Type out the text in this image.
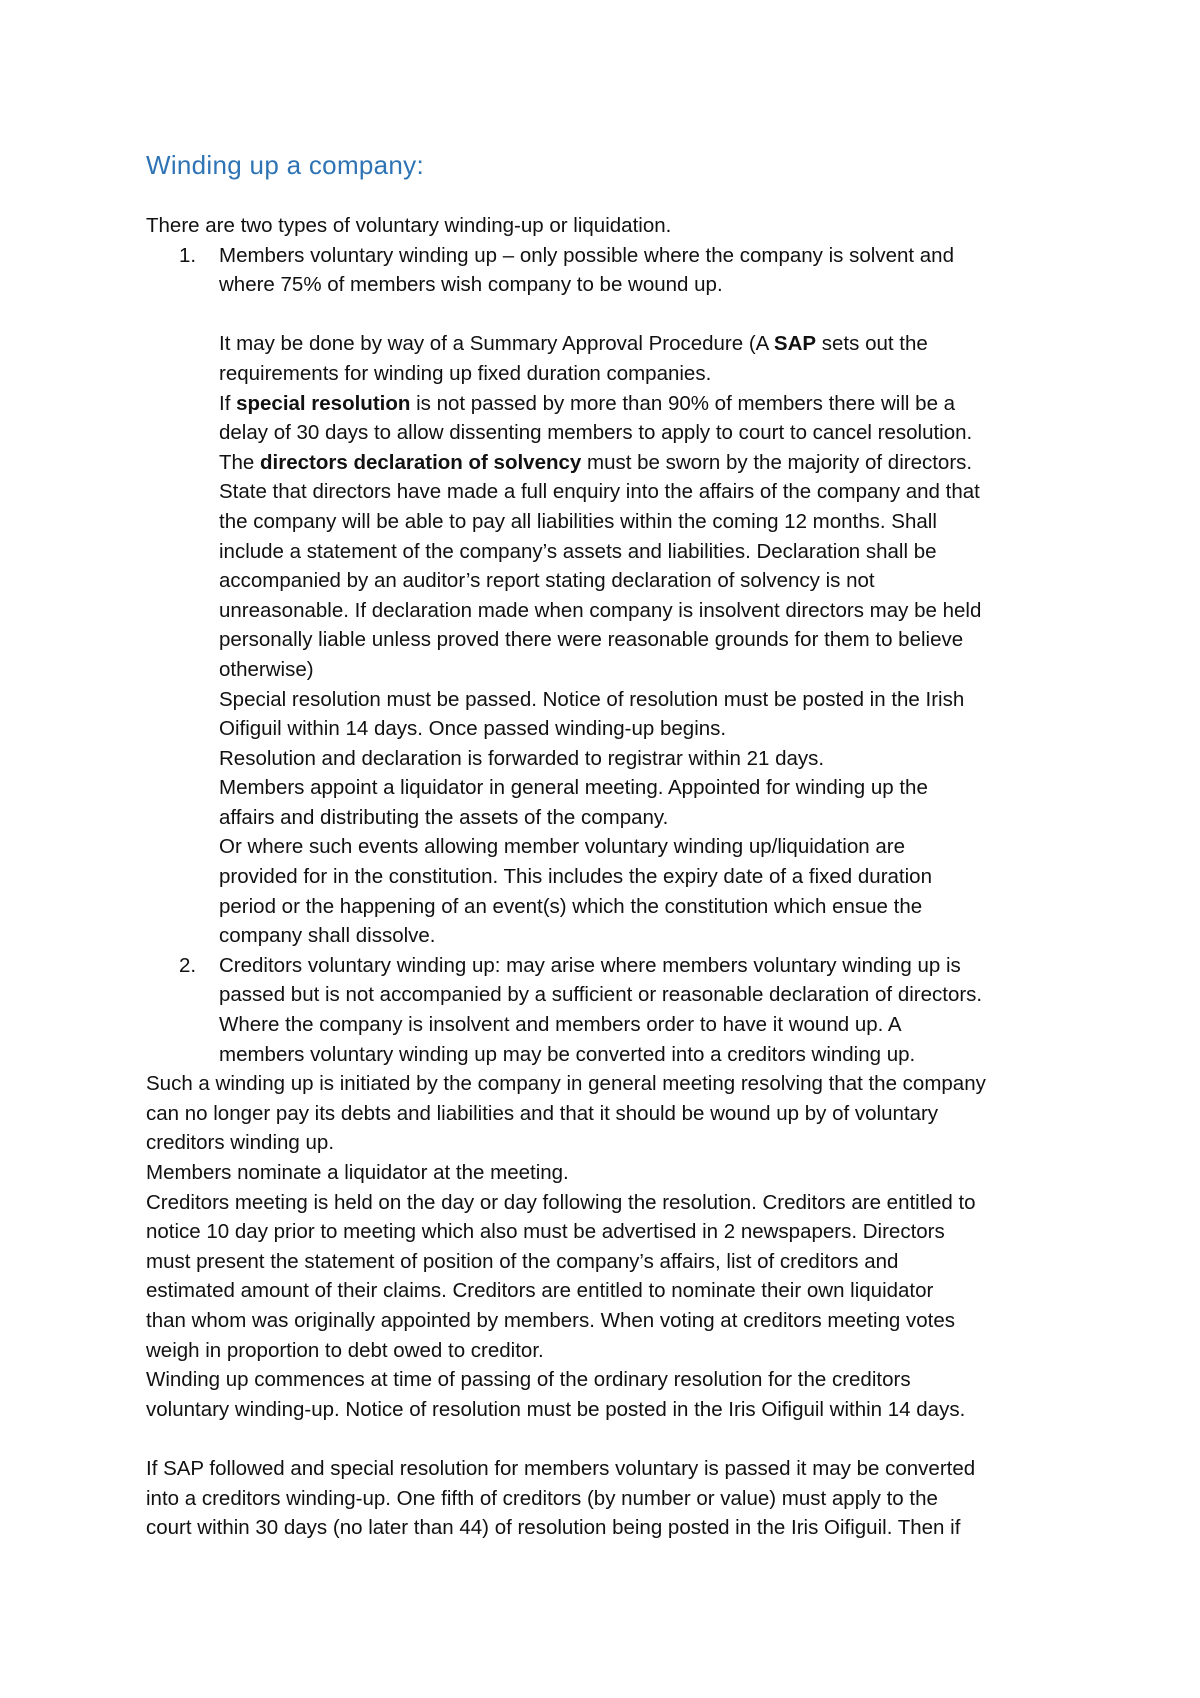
Winding up a company:
There are two types of voluntary winding-up or liquidation.
1. Members voluntary winding up – only possible where the company is solvent and
where 75% of members wish company to be wound up.
It may be done by way of a Summary Approval Procedure (A SAP sets out the
requirements for winding up fixed duration companies.
If special resolution is not passed by more than 90% of members there will be a
delay of 30 days to allow dissenting members to apply to court to cancel resolution.
The directors declaration of solvency must be sworn by the majority of directors.
State that directors have made a full enquiry into the affairs of the company and that
the company will be able to pay all liabilities within the coming 12 months. Shall
include a statement of the company’s assets and liabilities. Declaration shall be
accompanied by an auditor’s report stating declaration of solvency is not
unreasonable. If declaration made when company is insolvent directors may be held
personally liable unless proved there were reasonable grounds for them to believe
otherwise)
Special resolution must be passed. Notice of resolution must be posted in the Irish
Oifiguil within 14 days. Once passed winding-up begins.
Resolution and declaration is forwarded to registrar within 21 days.
Members appoint a liquidator in general meeting. Appointed for winding up the
affairs and distributing the assets of the company.
Or where such events allowing member voluntary winding up/liquidation are
provided for in the constitution. This includes the expiry date of a fixed duration
period or the happening of an event(s) which the constitution which ensue the
company shall dissolve.
2. Creditors voluntary winding up: may arise where members voluntary winding up is
passed but is not accompanied by a sufficient or reasonable declaration of directors.
Where the company is insolvent and members order to have it wound up. A
members voluntary winding up may be converted into a creditors winding up.
Such a winding up is initiated by the company in general meeting resolving that the company
can no longer pay its debts and liabilities and that it should be wound up by of voluntary
creditors winding up.
Members nominate a liquidator at the meeting.
Creditors meeting is held on the day or day following the resolution. Creditors are entitled to
notice 10 day prior to meeting which also must be advertised in 2 newspapers. Directors
must present the statement of position of the company’s affairs, list of creditors and
estimated amount of their claims. Creditors are entitled to nominate their own liquidator
than whom was originally appointed by members. When voting at creditors meeting votes
weigh in proportion to debt owed to creditor.
Winding up commences at time of passing of the ordinary resolution for the creditors
voluntary winding-up. Notice of resolution must be posted in the Iris Oifiguil within 14 days.
If SAP followed and special resolution for members voluntary is passed it may be converted
into a creditors winding-up. One fifth of creditors (by number or value) must apply to the
court within 30 days (no later than 44) of resolution being posted in the Iris Oifiguil. Then if
